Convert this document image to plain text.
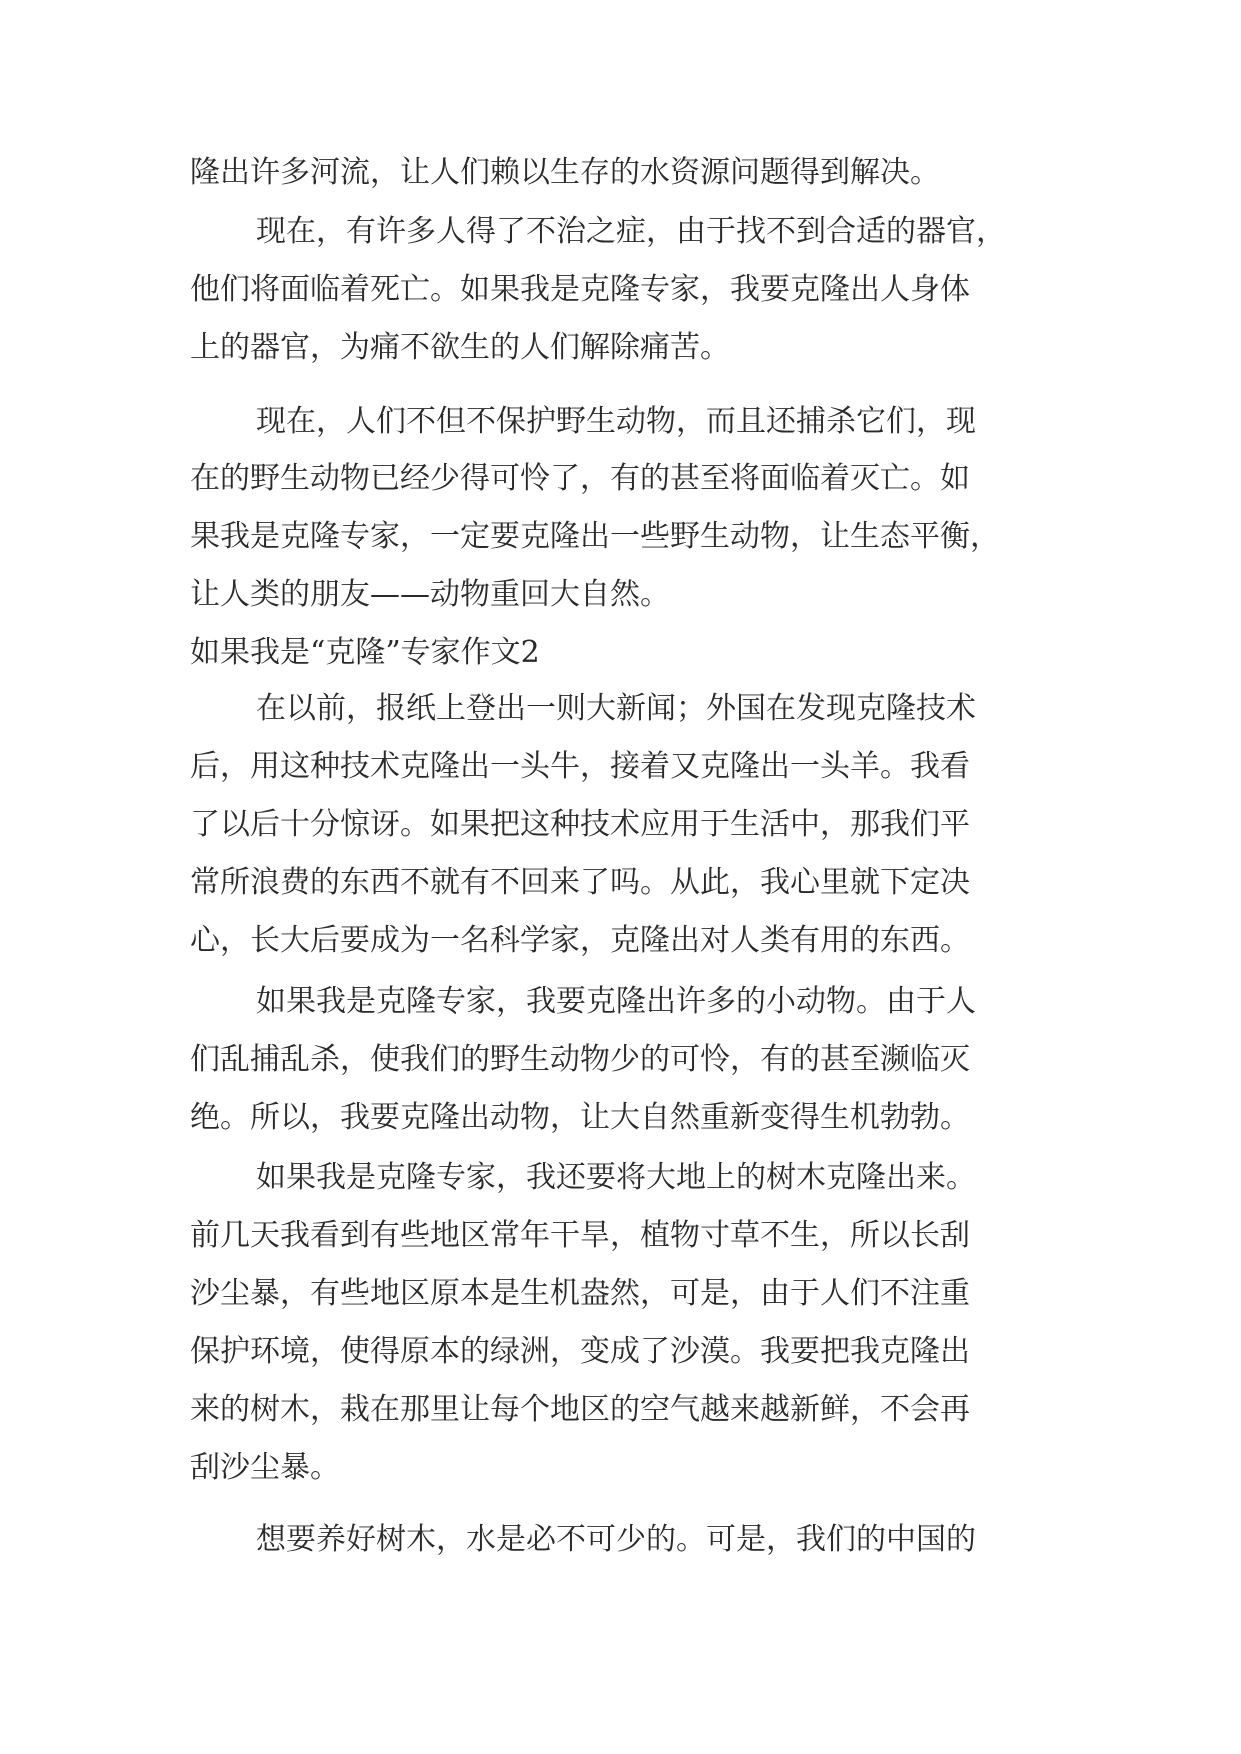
隆出许多河流，让人们赖以生存的水资源问题得到解决。

现在，有许多人得了不治之症，由于找不到合适的器官，

他们将面临着死亡。如果我是克隆专家，我要克隆出人身体

上的器官，为痛不欲生的人们解除痛苦。

现在，人们不但不保护野生动物，而且还捕杀它们，现

在的野生动物已经少得可怜了，有的甚至将面临着灭亡。如

果我是克隆专家，一定要克隆出一些野生动物，让生态平衡，

让人类的朋友——动物重回大自然。

如果我是“克隆”专家作文2

在以前，报纸上登出一则大新闻；外国在发现克隆技术

后，用这种技术克隆出一头牛，接着又克隆出一头羊。我看

了以后十分惊讶。如果把这种技术应用于生活中，那我们平

常所浪费的东西不就有不回来了吗。从此，我心里就下定决

心，长大后要成为一名科学家，克隆出对人类有用的东西。

如果我是克隆专家，我要克隆出许多的小动物。由于人

们乱捕乱杀，使我们的野生动物少的可怜，有的甚至濒临灭

绝。所以，我要克隆出动物，让大自然重新变得生机勃勃。

如果我是克隆专家，我还要将大地上的树木克隆出来。

前几天我看到有些地区常年干旱，植物寸草不生，所以长刮

沙尘暴，有些地区原本是生机盎然，可是，由于人们不注重

保护环境，使得原本的绿洲，变成了沙漠。我要把我克隆出

来的树木，栽在那里让每个地区的空气越来越新鲜，不会再

刮沙尘暴。

想要养好树木，水是必不可少的。可是，我们的中国的
